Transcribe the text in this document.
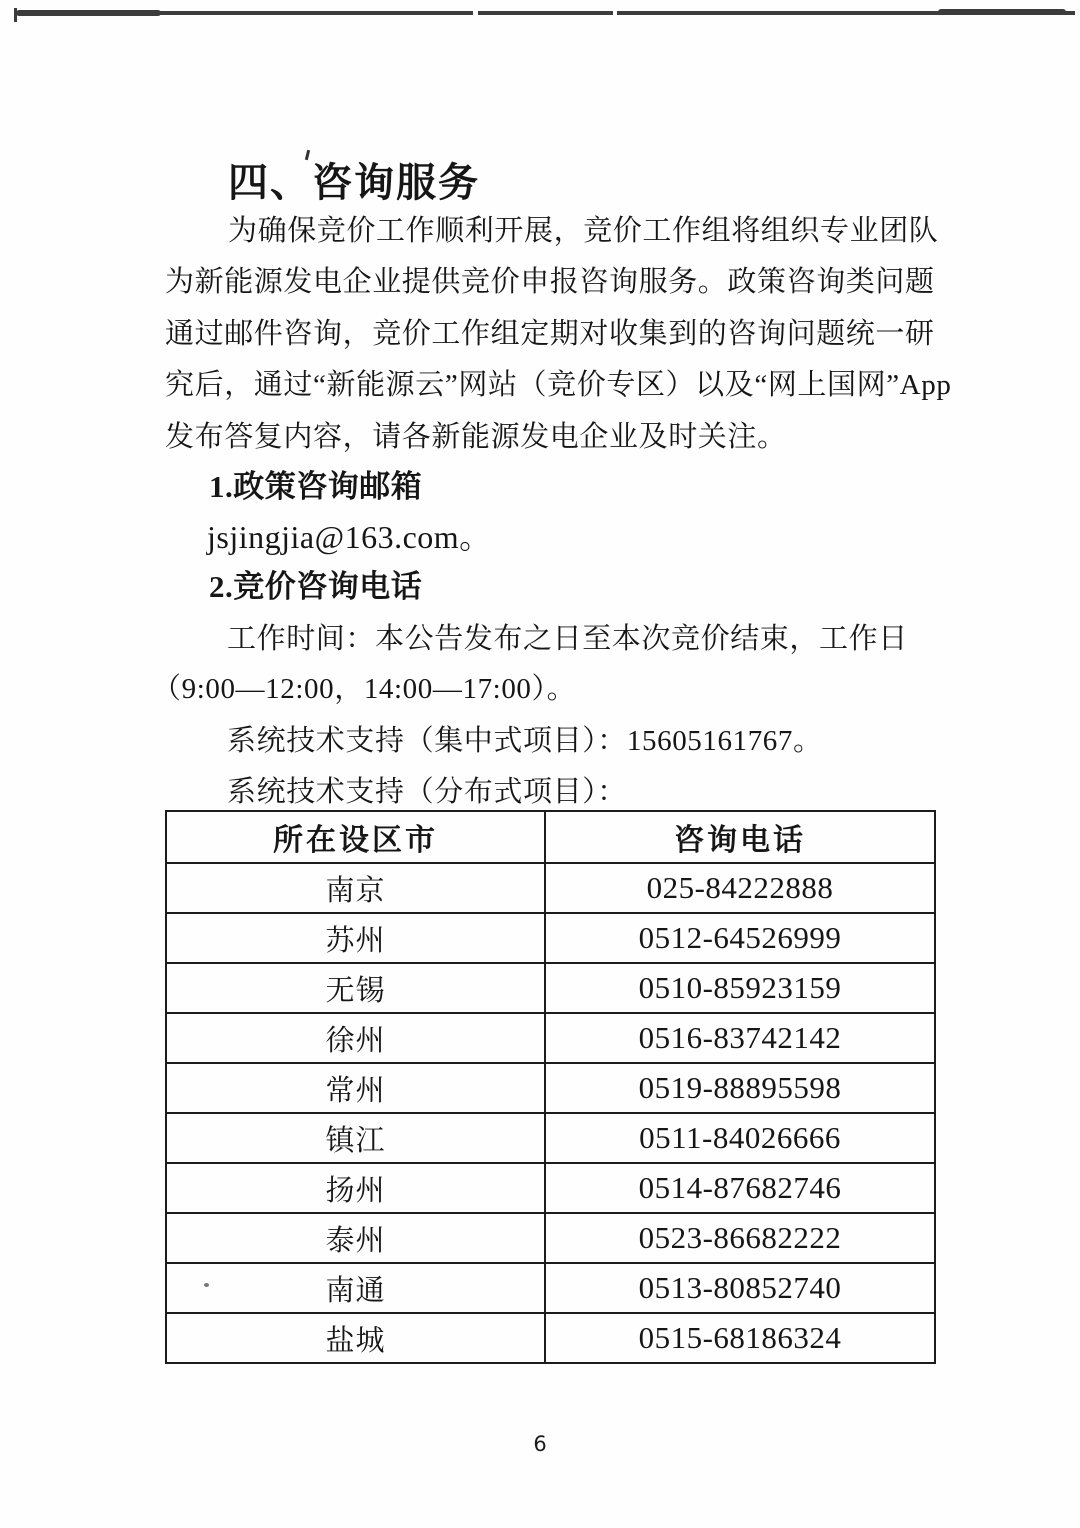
四、咨询服务
为确保竞价工作顺利开展，竞价工作组将组织专业团队
为新能源发电企业提供竞价申报咨询服务。政策咨询类问题
通过邮件咨询，竞价工作组定期对收集到的咨询问题统一研
究后，通过“新能源云”网站（竞价专区）以及“网上国网”App
发布答复内容，请各新能源发电企业及时关注。
1.政策咨询邮箱
jsjingjia@163.com。
2.竞价咨询电话
工作时间：本公告发布之日至本次竞价结束，工作日
（9:00—12:00，14:00—17:00）。
系统技术支持（集中式项目）：15605161767。
系统技术支持（分布式项目）：
所在设区市	咨询电话
南京	025-84222888
苏州	0512-64526999
无锡	0510-85923159
徐州	0516-83742142
常州	0519-88895598
镇江	0511-84026666
扬州	0514-87682746
泰州	0523-86682222
南通	0513-80852740
盐城	0515-68186324
6
